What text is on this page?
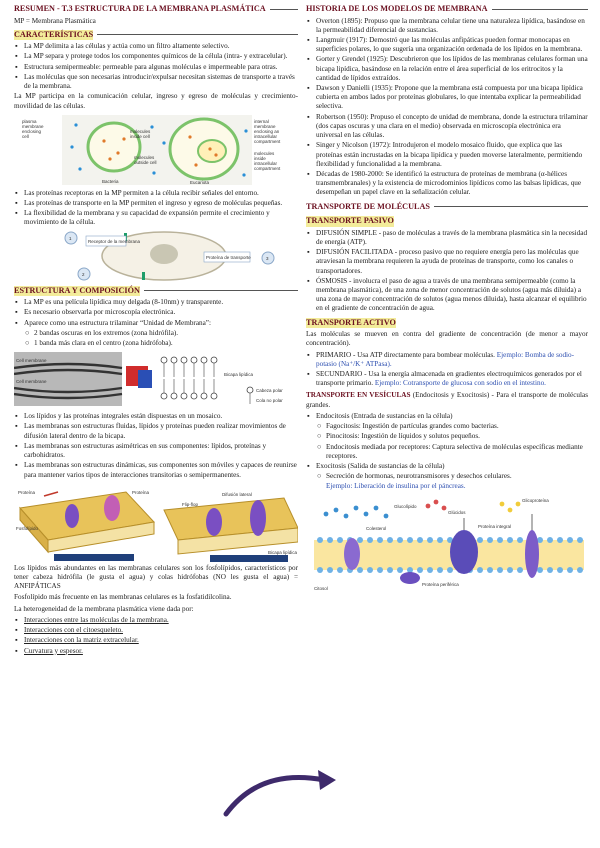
RESUMEN - T.3 ESTRUCTURA DE LA MEMBRANA PLASMÁTICA

MP = Membrana Plasmática

CARACTERÍSTICAS
▪ La MP delimita a las células y actúa como un filtro altamente selectivo.
▪ La MP separa y protege todos los componentes químicos de la célula (intra- y extracelular).
▪ Estructura semipermeable: permeable para algunas moléculas e impermeable para otras.
▪ Las moléculas que son necesarias introducir/expulsar necesitan sistemas de transporte a través de la membrana.

La MP participa en la comunicación celular, ingreso y egreso de moléculas y crecimiento-movilidad de las células.

plasma
membrane
enclosing
cell
molecules
inside cell
molecules
outside cell
Bacteria	Eucariota
internal
membrane
enclosing an
intracellular
compartment
molecules
inside
intracellular
compartment
▪ Las proteínas receptoras en la MP permiten a la célula recibir señales del entorno.
▪ Las proteínas de transporte en la MP permiten el ingreso y egreso de moléculas pequeñas.
▪ La flexibilidad de la membrana y su capacidad de expansión permite el crecimiento y movimiento de la célula.
1
2
3
Receptor de la membrana
Proteína de transporte
ESTRUCTURA Y COMPOSICIÓN
▪ La MP es una película lipídica muy delgada (8-10nm) y transparente.
▪ Es necesario observarla por microscopía electrónica.
▪ Aparece como una estructura trilaminar “Unidad de Membrana”:
○ 2 bandas oscuras en los extremos (zona hidrófila).
○ 1 banda más clara en el centro (zona hidrófoba).
Cell membrane
Cell membrane
Bicapa lipídica
Cabeza polar
Cola no polar
▪ Los lípidos y las proteínas integrales están dispuestas en un mosaico.
▪ Las membranas son estructuras fluidas, lípidos y proteínas pueden realizar movimientos de difusión lateral dentro de la bicapa.
▪ Las membranas son estructuras asimétricas en sus componentes: lípidos, proteínas y carbohidratos.
▪ Las membranas son estructuras dinámicas, sus componentes son móviles y capaces de reunirse para mantener varios tipos de interacciones transitorias o semipermanentes.
Proteína	Proteína
Fosfolípido
Difusión lateral
Bicapa lipídica
Flip-flop

Los lípidos más abundantes en las membranas celulares son los fosfolípidos, característicos por tener cabeza hidrófila (le gusta el agua) y colas hidrófobas (NO les gusta el agua) = ANFIPÁTICAS

Fosfolípido más frecuente en las membranas celulares es la fosfatidilcolina.

La heterogeneidad de la membrana plasmática viene dada por:

▪ Interacciones entre las moléculas de la membrana.
▪ Interacciones con el citoesqueleto.
▪ Interacciones con la matriz extracelular.
▪ Curvatura y espesor.
HISTORIA DE LOS MODELOS DE MEMBRANA
▪ Overton (1895): Propuso que la membrana celular tiene una naturaleza lipídica, basándose en la permeabilidad diferencial de sustancias.
▪ Langmuir (1917): Demostró que las moléculas anfipáticas pueden formar monocapas en superficies polares, lo que sugería una organización ordenada de los lípidos en la membrana.
▪ Gorter y Grendel (1925): Descubrieron que los lípidos de las membranas celulares forman una bicapa lipídica, basándose en la relación entre el área superficial de los eritrocitos y la cantidad de lípidos extraídos.
▪ Dawson y Danielli (1935): Propone que la membrana está compuesta por una bicapa lipídica cubierta en ambos lados por proteínas globulares, lo que intentaba explicar la permeabilidad selectiva.
▪ Robertson (1950): Propuso el concepto de unidad de membrana, donde la estructura trilaminar (dos capas oscuras y una clara en el medio) observada en microscopía electrónica era universal en las células.
▪ Singer y Nicolson (1972): Introdujeron el modelo mosaico fluido, que explica que las proteínas están incrustadas en la bicapa lipídica y pueden moverse lateralmente, permitiendo flexibilidad y funcionalidad a la membrana.
▪ Décadas de 1980-2000: Se identificó la estructura de proteínas de membrana (α-hélices transmembranales) y la existencia de microdominios lipídicos como las balsas lipídicas, que desempeñan un papel clave en la señalización celular.
TRANSPORTE DE MOLÉCULAS
TRANSPORTE PASIVO
▪ DIFUSIÓN SIMPLE - paso de moléculas a través de la membrana plasmática sin la necesidad de energía (ATP).
▪ DIFUSIÓN FACILITADA - proceso pasivo que no requiere energía pero las moléculas que atraviesan la membrana requieren la ayuda de proteínas de transporte, como los canales o transportadores.
▪ ÓSMOSIS - involucra el paso de agua a través de una membrana semipermeable (como la membrana plasmática), de una zona de menor concentración de solutos (agua más diluida) a una zona de mayor concentración de solutos (agua menos diluida), hasta alcanzar el equilibrio en el gradiente de concentración de agua.
TRANSPORTE ACTIVO

Las moléculas se mueven en contra del gradiente de concentración (de menor a mayor concentración).

▪ PRIMARIO - Usa ATP directamente para bombear moléculas. Ejemplo: Bomba de sodio-potasio (Na⁺/K⁺ ATPasa).
▪ SECUNDARIO - Usa la energía almacenada en gradientes electroquímicos generados por el transporte primario. Ejemplo: Cotransporte de glucosa con sodio en el intestino.

TRANSPORTE EN VESÍCULAS (Endocitosis y Exocitosis) - Para el transporte de moléculas grandes.

▪ Endocitosis (Entrada de sustancias en la célula)
○ Fagocitosis: Ingestión de partículas grandes como bacterias.
○ Pinocitosis: Ingestión de líquidos y solutos pequeños.
○ Endocitosis mediada por receptores: Captura selectiva de moléculas específicas mediante receptores.
▪ Exocitosis (Salida de sustancias de la célula)
○ Secreción de hormonas, neurotransmisores y desechos celulares.

Ejemplo: Liberación de insulina por el páncreas.

Glucolípido
Glicoproteína
Glúcidos
Colesterol	Proteína integral
Proteína periférica
Citosol
